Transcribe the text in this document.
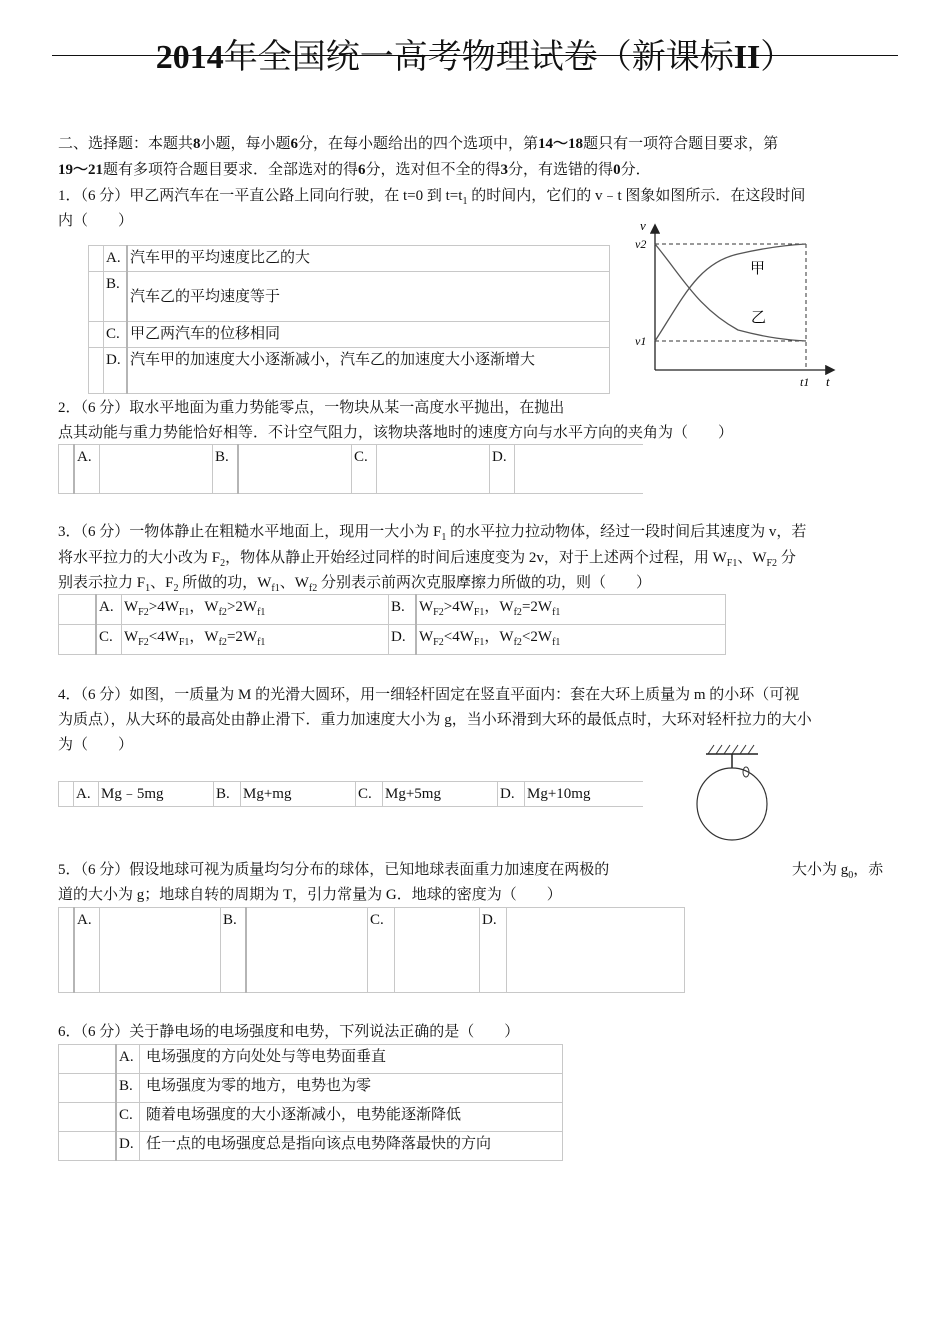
2014年全国统一高考物理试卷（新课标II）
二、选择题：本题共8小题，每小题6分，在每小题给出的四个选项中，第14～18题只有一项符合题目要求，第
19～21题有多项符合题目要求．全部选对的得6分，选对但不全的得3分，有选错的得0分．
1．（6 分）甲乙两汽车在一平直公路上同向行驶，在 t=0 到 $t=t_1$ 的时间内，它们的 v﹣t 图象如图所示．在这段时间
内（　　）
	A.	汽车甲的平均速度比乙的大
	B.	汽车乙的平均速度等于
	C.	甲乙两汽车的位移相同
	D.	汽车甲的加速度大小逐渐减小，汽车乙的加速度大小逐渐增大
v
v2
v1
t1 t
甲
乙
2．（6 分）取水平地面为重力势能零点，一物块从某一高度水平抛出，在抛出
点其动能与重力势能恰好相等．不计空气阻力，该物块落地时的速度方向与水平方向的夹角为（　　）
	A.		B.		C.		D.	
3．（6 分）一物体静止在粗糙水平地面上，现用一大小为 $F_1$ 的水平拉力拉动物体，经过一段时间后其速度为 v，若
将水平拉力的大小改为 $F_2$，物体从静止开始经过同样的时间后速度变为 2v，对于上述两个过程，用 $W_{F1}$、$W_{F2}$ 分
别表示拉力 $F_1$、$F_2$ 所做的功，$W_{f1}$、$W_{f2}$ 分别表示前两次克服摩擦力所做的功，则（　　）
	A.	$W_{F2}>4W_{F1}$，$W_{f2}>2W_{f1}$	B.	$W_{F2}>4W_{F1}$，$W_{f2}=2W_{f1}$
	C.	$W_{F2}<4W_{F1}$，$W_{f2}=2W_{f1}$	D.	$W_{F2}<4W_{F1}$，$W_{f2}<2W_{f1}$
4．（6 分）如图，一质量为 M 的光滑大圆环，用一细轻杆固定在竖直平面内：套在大环上质量为 m 的小环（可视
为质点），从大环的最高处由静止滑下．重力加速度大小为 g，当小环滑到大环的最低点时，大环对轻杆拉力的大小
为（　　）
	A.	Mg﹣5mg	B.	Mg+mg	C.	Mg+5mg	D.	Mg+10mg
5．（6 分）假设地球可视为质量均匀分布的球体，已知地球表面重力加速度在两极的	大小为 $g_0$，赤
道的大小为 g；地球自转的周期为 T，引力常量为 G．地球的密度为（　　）
	A.		B.		C.		D.	
6．（6 分）关于静电场的电场强度和电势，下列说法正确的是（　　）
	A.	电场强度的方向处处与等电势面垂直
	B.	电场强度为零的地方，电势也为零
	C.	随着电场强度的大小逐渐减小，电势能逐渐降低
	D.	任一点的电场强度总是指向该点电势降落最快的方向
